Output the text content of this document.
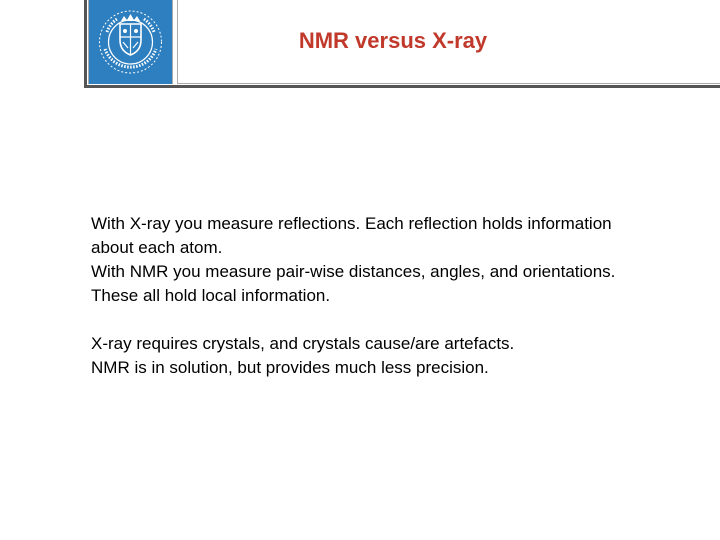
NMR versus X-ray

With X-ray you measure reflections. Each reflection holds information

about each atom.

With NMR you measure pair-wise distances, angles, and orientations.

These all hold local information.

X-ray requires crystals, and crystals cause/are artefacts.

NMR is in solution, but provides much less precision.
